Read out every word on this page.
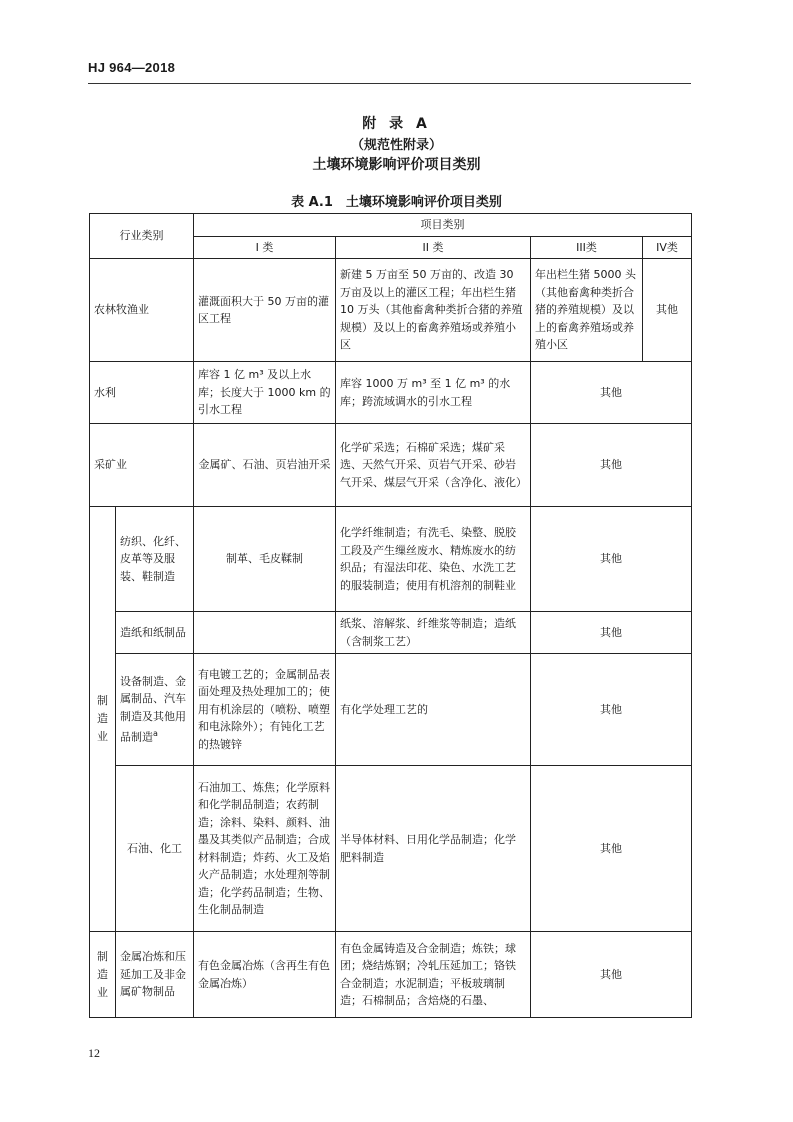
HJ 964—2018
附 录 A
（规范性附录）
土壤环境影响评价项目类别
表 A.1　土壤环境影响评价项目类别
行业类别		项目类别			
		I 类	II 类	III类	IV类
农林牧渔业		灌溉面积大于 50 万亩的灌区工程	新建 5 万亩至 50 万亩的、改造 30 万亩及以上的灌区工程；年出栏生猪 10 万头（其他畜禽种类折合猪的养殖规模）及以上的畜禽养殖场或养殖小区	年出栏生猪 5000 头（其他畜禽种类折合猪的养殖规模）及以上的畜禽养殖场或养殖小区	其他
水利		库容 1 亿 m³ 及以上水库；长度大于 1000 km 的引水工程	库容 1000 万 m³ 至 1 亿 m³ 的水库；跨流域调水的引水工程	其他	
采矿业		金属矿、石油、页岩油开采	化学矿采选；石棉矿采选；煤矿采选、天然气开采、页岩气开采、砂岩气开采、煤层气开采（含净化、液化）	其他	
制造业	纺织、化纤、皮革等及服装、鞋制造	制革、毛皮鞣制	化学纤维制造；有洗毛、染整、脱胶工段及产生缫丝废水、精炼废水的纺织品；有湿法印花、染色、水洗工艺的服装制造；使用有机溶剂的制鞋业	其他	
	造纸和纸制品		纸浆、溶解浆、纤维浆等制造；造纸（含制浆工艺）	其他	
	设备制造、金属制品、汽车制造及其他用品制造$^a$	有电镀工艺的；金属制品表面处理及热处理加工的；使用有机涂层的（喷粉、喷塑和电泳除外）；有钝化工艺的热镀锌	有化学处理工艺的	其他	
	石油、化工	石油加工、炼焦；化学原料和化学制品制造；农药制造；涂料、染料、颜料、油墨及其类似产品制造；合成材料制造；炸药、火工及焰火产品制造；水处理剂等制造；化学药品制造；生物、生化制品制造	半导体材料、日用化学品制造；化学肥料制造	其他	
制造业	金属冶炼和压延加工及非金属矿物制品	有色金属冶炼（含再生有色金属冶炼）	有色金属铸造及合金制造；炼铁；球团；烧结炼钢；冷轧压延加工；铬铁合金制造；水泥制造；平板玻璃制造；石棉制品；含焙烧的石墨、	其他	
12
